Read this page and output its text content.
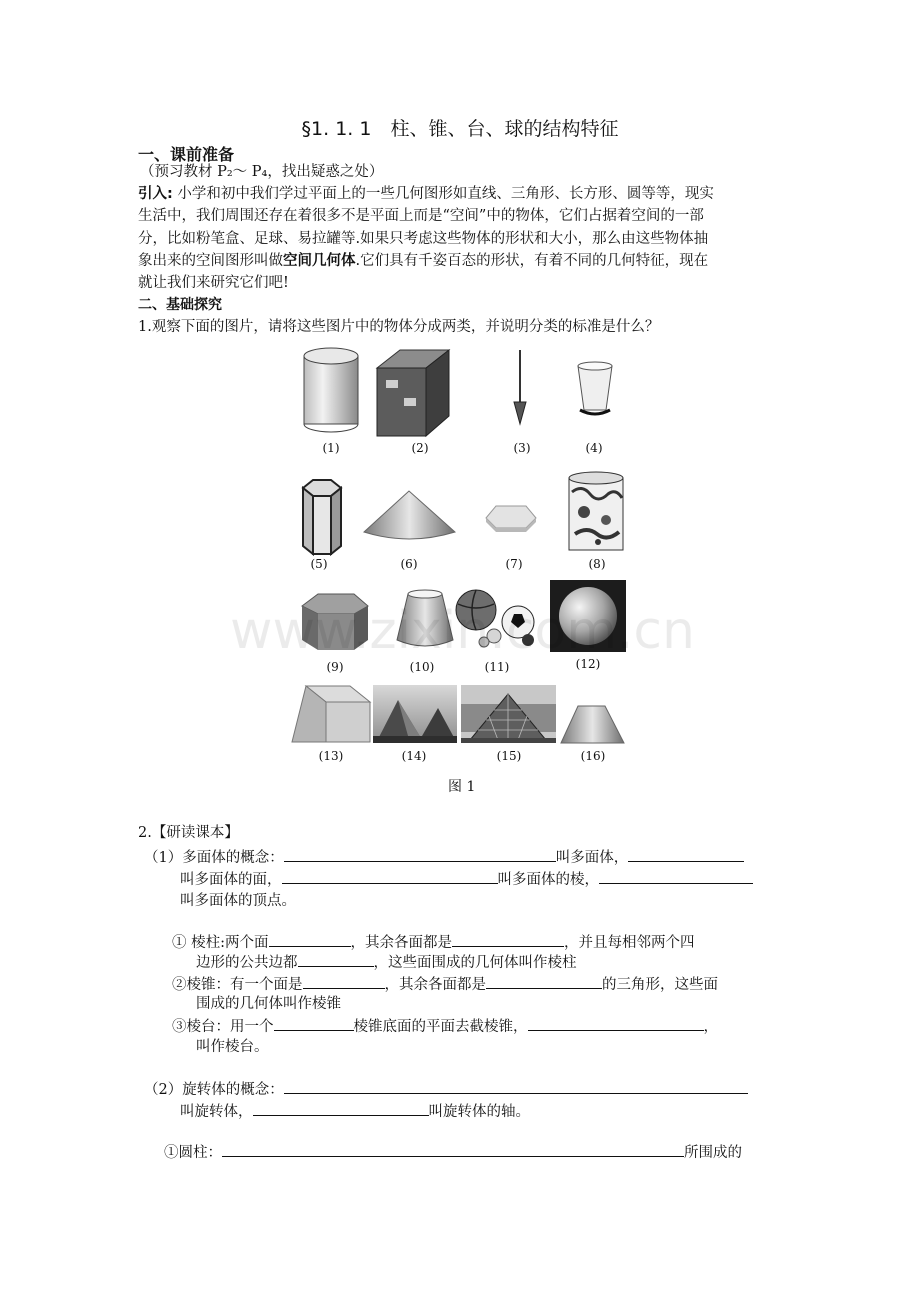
§1. 1. 1　柱、锥、台、球的结构特征
一、课前准备
（预习教材 P₂～ P₄，找出疑惑之处）
引入: 小学和初中我们学过平面上的一些几何图形如直线、三角形、长方形、圆等等，现实
生活中，我们周围还存在着很多不是平面上而是“空间”中的物体，它们占据着空间的一部
分，比如粉笔盒、足球、易拉罐等.如果只考虑这些物体的形状和大小，那么由这些物体抽
象出来的空间图形叫做空间几何体.它们具有千姿百态的形状，有着不同的几何特征，现在
就让我们来研究它们吧!
二、基础探究
1.观察下面的图片，请将这些图片中的物体分成两类，并说明分类的标准是什么？
www.zixin.com.cn
(1)	(2)	(3)	(4)
(5)	(6)	(7)	(8)
(9)	(10)	(11)	(12)
(13)	(14)	(15)	(16)
图 1
2.【研读课本】
（1）多面体的概念：	叫多面体，
叫多面体的面，	叫多面体的棱，
叫多面体的顶点。
① 棱柱:两个面	，其余各面都是	，并且每相邻两个四
边形的公共边都	，这些面围成的几何体叫作棱柱
②棱锥：有一个面是	，其余各面都是	的三角形，这些面
围成的几何体叫作棱锥
③棱台：用一个	棱锥底面的平面去截棱锥，	，
叫作棱台。
（2）旋转体的概念：
叫旋转体，	叫旋转体的轴。
①圆柱：	所围成的
